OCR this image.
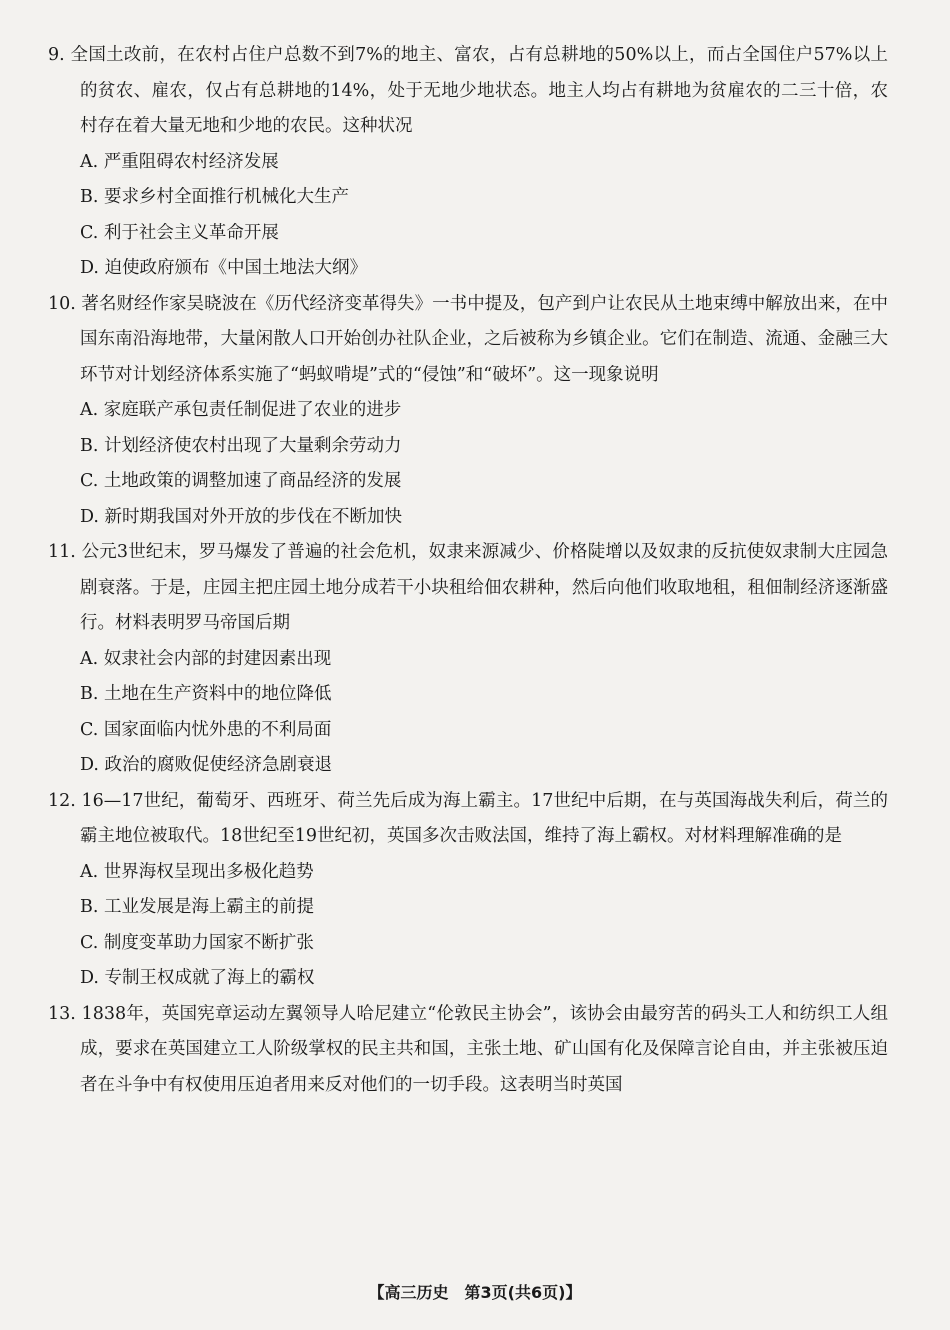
9. 全国土改前，在农村占住户总数不到7%的地主、富农，占有总耕地的50%以上，而占全国住户57%以上的贫农、雇农，仅占有总耕地的14%，处于无地少地状态。地主人均占有耕地为贫雇农的二三十倍，农村存在着大量无地和少地的农民。这种状况

A. 严重阻碍农村经济发展

B. 要求乡村全面推行机械化大生产

C. 利于社会主义革命开展

D. 迫使政府颁布《中国土地法大纲》

10. 著名财经作家吴晓波在《历代经济变革得失》一书中提及，包产到户让农民从土地束缚中解放出来，在中国东南沿海地带，大量闲散人口开始创办社队企业，之后被称为乡镇企业。它们在制造、流通、金融三大环节对计划经济体系实施了“蚂蚁啃堤”式的“侵蚀”和“破坏”。这一现象说明

A. 家庭联产承包责任制促进了农业的进步

B. 计划经济使农村出现了大量剩余劳动力

C. 土地政策的调整加速了商品经济的发展

D. 新时期我国对外开放的步伐在不断加快

11. 公元3世纪末，罗马爆发了普遍的社会危机，奴隶来源减少、价格陡增以及奴隶的反抗使奴隶制大庄园急剧衰落。于是，庄园主把庄园土地分成若干小块租给佃农耕种，然后向他们收取地租，租佃制经济逐渐盛行。材料表明罗马帝国后期

A. 奴隶社会内部的封建因素出现

B. 土地在生产资料中的地位降低

C. 国家面临内忧外患的不利局面

D. 政治的腐败促使经济急剧衰退

12. 16—17世纪，葡萄牙、西班牙、荷兰先后成为海上霸主。17世纪中后期，在与英国海战失利后，荷兰的霸主地位被取代。18世纪至19世纪初，英国多次击败法国，维持了海上霸权。对材料理解准确的是

A. 世界海权呈现出多极化趋势

B. 工业发展是海上霸主的前提

C. 制度变革助力国家不断扩张

D. 专制王权成就了海上的霸权

13. 1838年，英国宪章运动左翼领导人哈尼建立“伦敦民主协会”，该协会由最穷苦的码头工人和纺织工人组成，要求在英国建立工人阶级掌权的民主共和国，主张土地、矿山国有化及保障言论自由，并主张被压迫者在斗争中有权使用压迫者用来反对他们的一切手段。这表明当时英国

【高三历史　第3页(共6页)】
